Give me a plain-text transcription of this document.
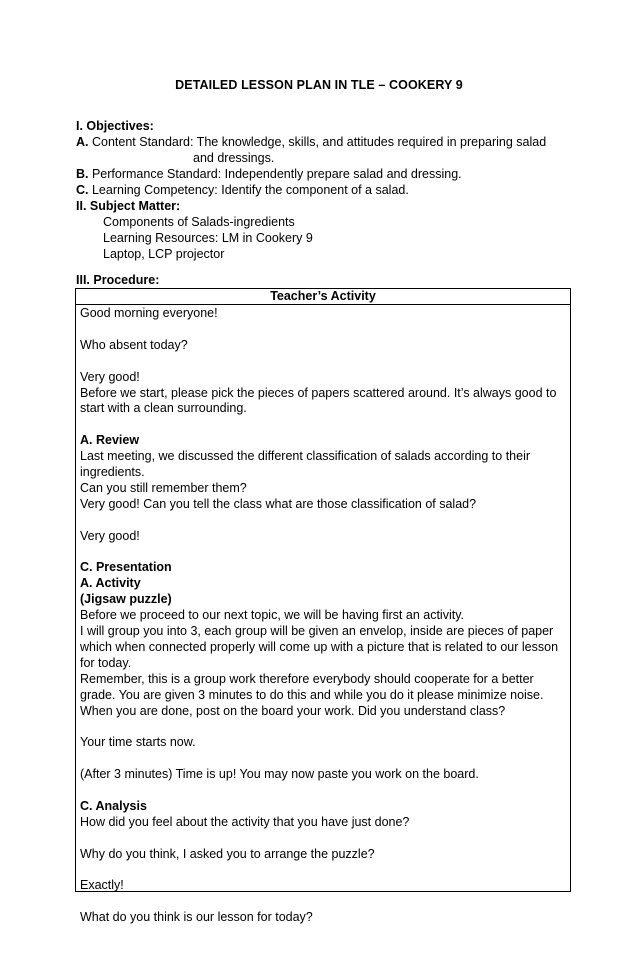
DETAILED LESSON PLAN IN TLE – COOKERY 9
I. Objectives:
A. Content Standard: The knowledge, skills, and attitudes required in preparing salad
and dressings.
B. Performance Standard: Independently prepare salad and dressing.
C. Learning Competency: Identify the component of a salad.
II. Subject Matter:
Components of Salads-ingredients
Learning Resources: LM in Cookery 9
Laptop, LCP projector
III. Procedure:
Teacher’s Activity

Good morning everyone!

Who absent today?

Very good!

Before we start, please pick the pieces of papers scattered around. It’s always good to

start with a clean surrounding.

A. Review

Last meeting, we discussed the different classification of salads according to their

ingredients.

Can you still remember them?

Very good! Can you tell the class what are those classification of salad?

Very good!

C. Presentation

A. Activity

(Jigsaw puzzle)

Before we proceed to our next topic, we will be having first an activity.

I will group you into 3, each group will be given an envelop, inside are pieces of paper

which when connected properly will come up with a picture that is related to our lesson

for today.

Remember, this is a group work therefore everybody should cooperate for a better

grade. You are given 3 minutes to do this and while you do it please minimize noise.

When you are done, post on the board your work. Did you understand class?

Your time starts now.

(After 3 minutes) Time is up! You may now paste you work on the board.

C. Analysis

How did you feel about the activity that you have just done?

Why do you think, I asked you to arrange the puzzle?

Exactly!

What do you think is our lesson for today?
